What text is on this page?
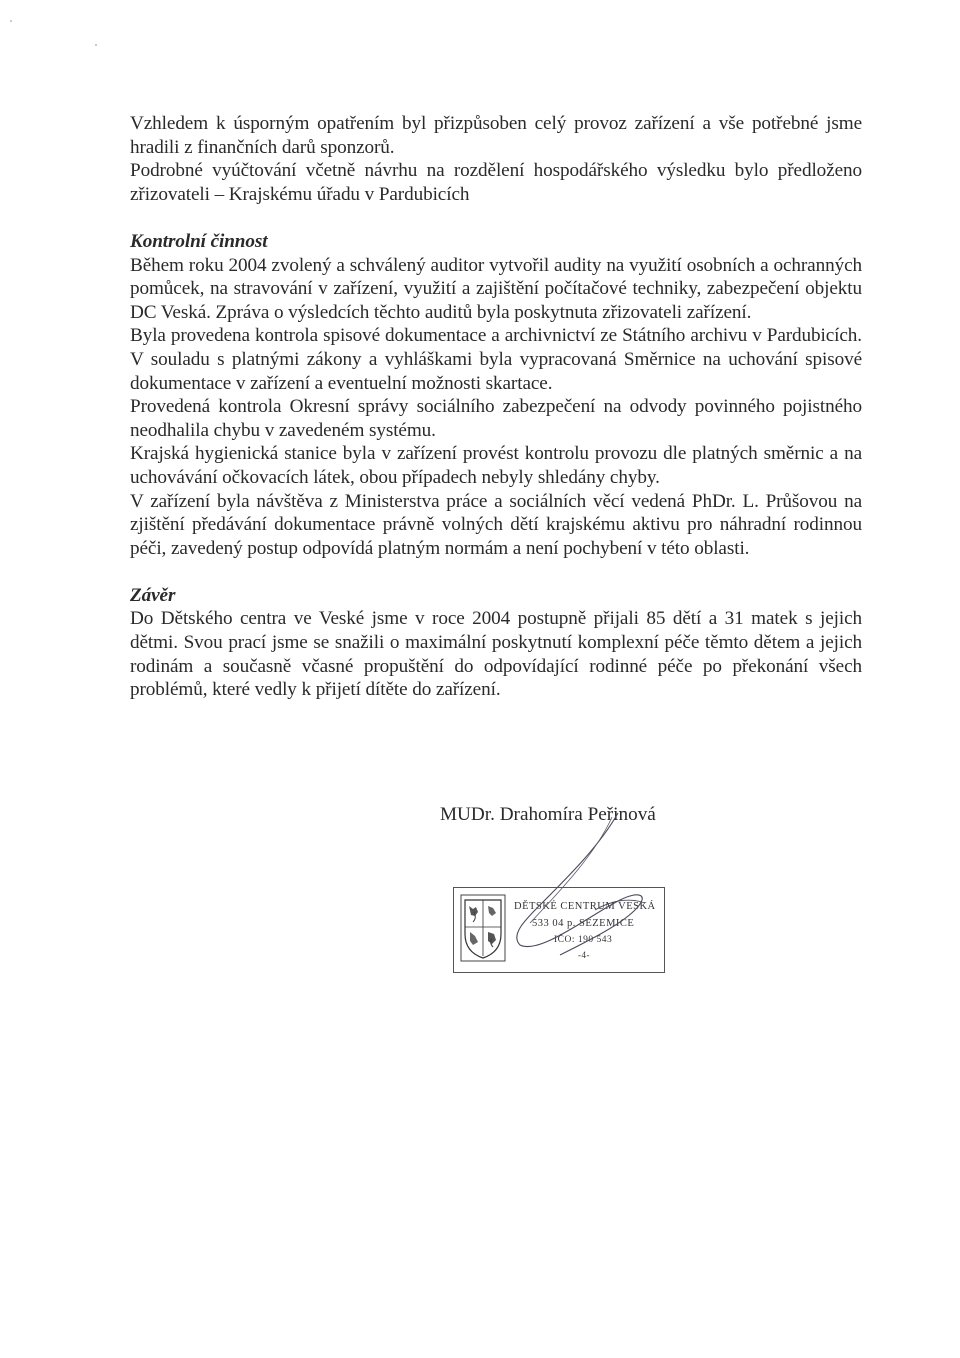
Vzhledem k úsporným opatřením byl přizpůsoben celý provoz zařízení a vše potřebné jsme hradili z finančních darů sponzorů.

Podrobné vyúčtování včetně návrhu na rozdělení hospodářského výsledku bylo předloženo zřizovateli – Krajskému úřadu v Pardubicích

Kontrolní činnost

Během roku 2004 zvolený a schválený auditor vytvořil audity na využití osobních a ochranných pomůcek, na stravování v zařízení, využití a zajištění počítačové techniky, zabezpečení objektu DC Veská. Zpráva o výsledcích těchto auditů byla poskytnuta zřizovateli zařízení.

Byla provedena kontrola spisové dokumentace a archivnictví ze Státního archivu v Pardubicích. V souladu s platnými zákony a vyhláškami byla vypracovaná Směrnice na uchování spisové dokumentace v zařízení a eventuelní možnosti skartace.

Provedená kontrola Okresní správy sociálního zabezpečení na odvody povinného pojistného neodhalila chybu v zavedeném systému.

Krajská hygienická stanice byla v zařízení provést kontrolu provozu dle platných směrnic a na uchovávání očkovacích látek, obou případech nebyly shledány chyby.

V zařízení byla návštěva z Ministerstva práce a sociálních věcí vedená PhDr. L. Průšovou na zjištění předávání dokumentace právně volných dětí krajskému aktivu pro náhradní rodinnou péči, zavedený postup odpovídá platným normám a není pochybení v této oblasti.

Závěr

Do Dětského centra ve Veské jsme v roce 2004 postupně přijali 85 dětí a 31 matek s jejich dětmi. Svou prací jsme se snažili o maximální poskytnutí komplexní péče těmto dětem a jejich rodinám a současně včasné propuštění do odpovídající rodinné péče po překonání všech problémů, které vedly k přijetí dítěte do zařízení.

MUDr. Drahomíra Peřinová
DĚTSKÉ CENTRUM VESKÁ
533 04 p. SEZEMICE
IČO: 190 543
-4-
